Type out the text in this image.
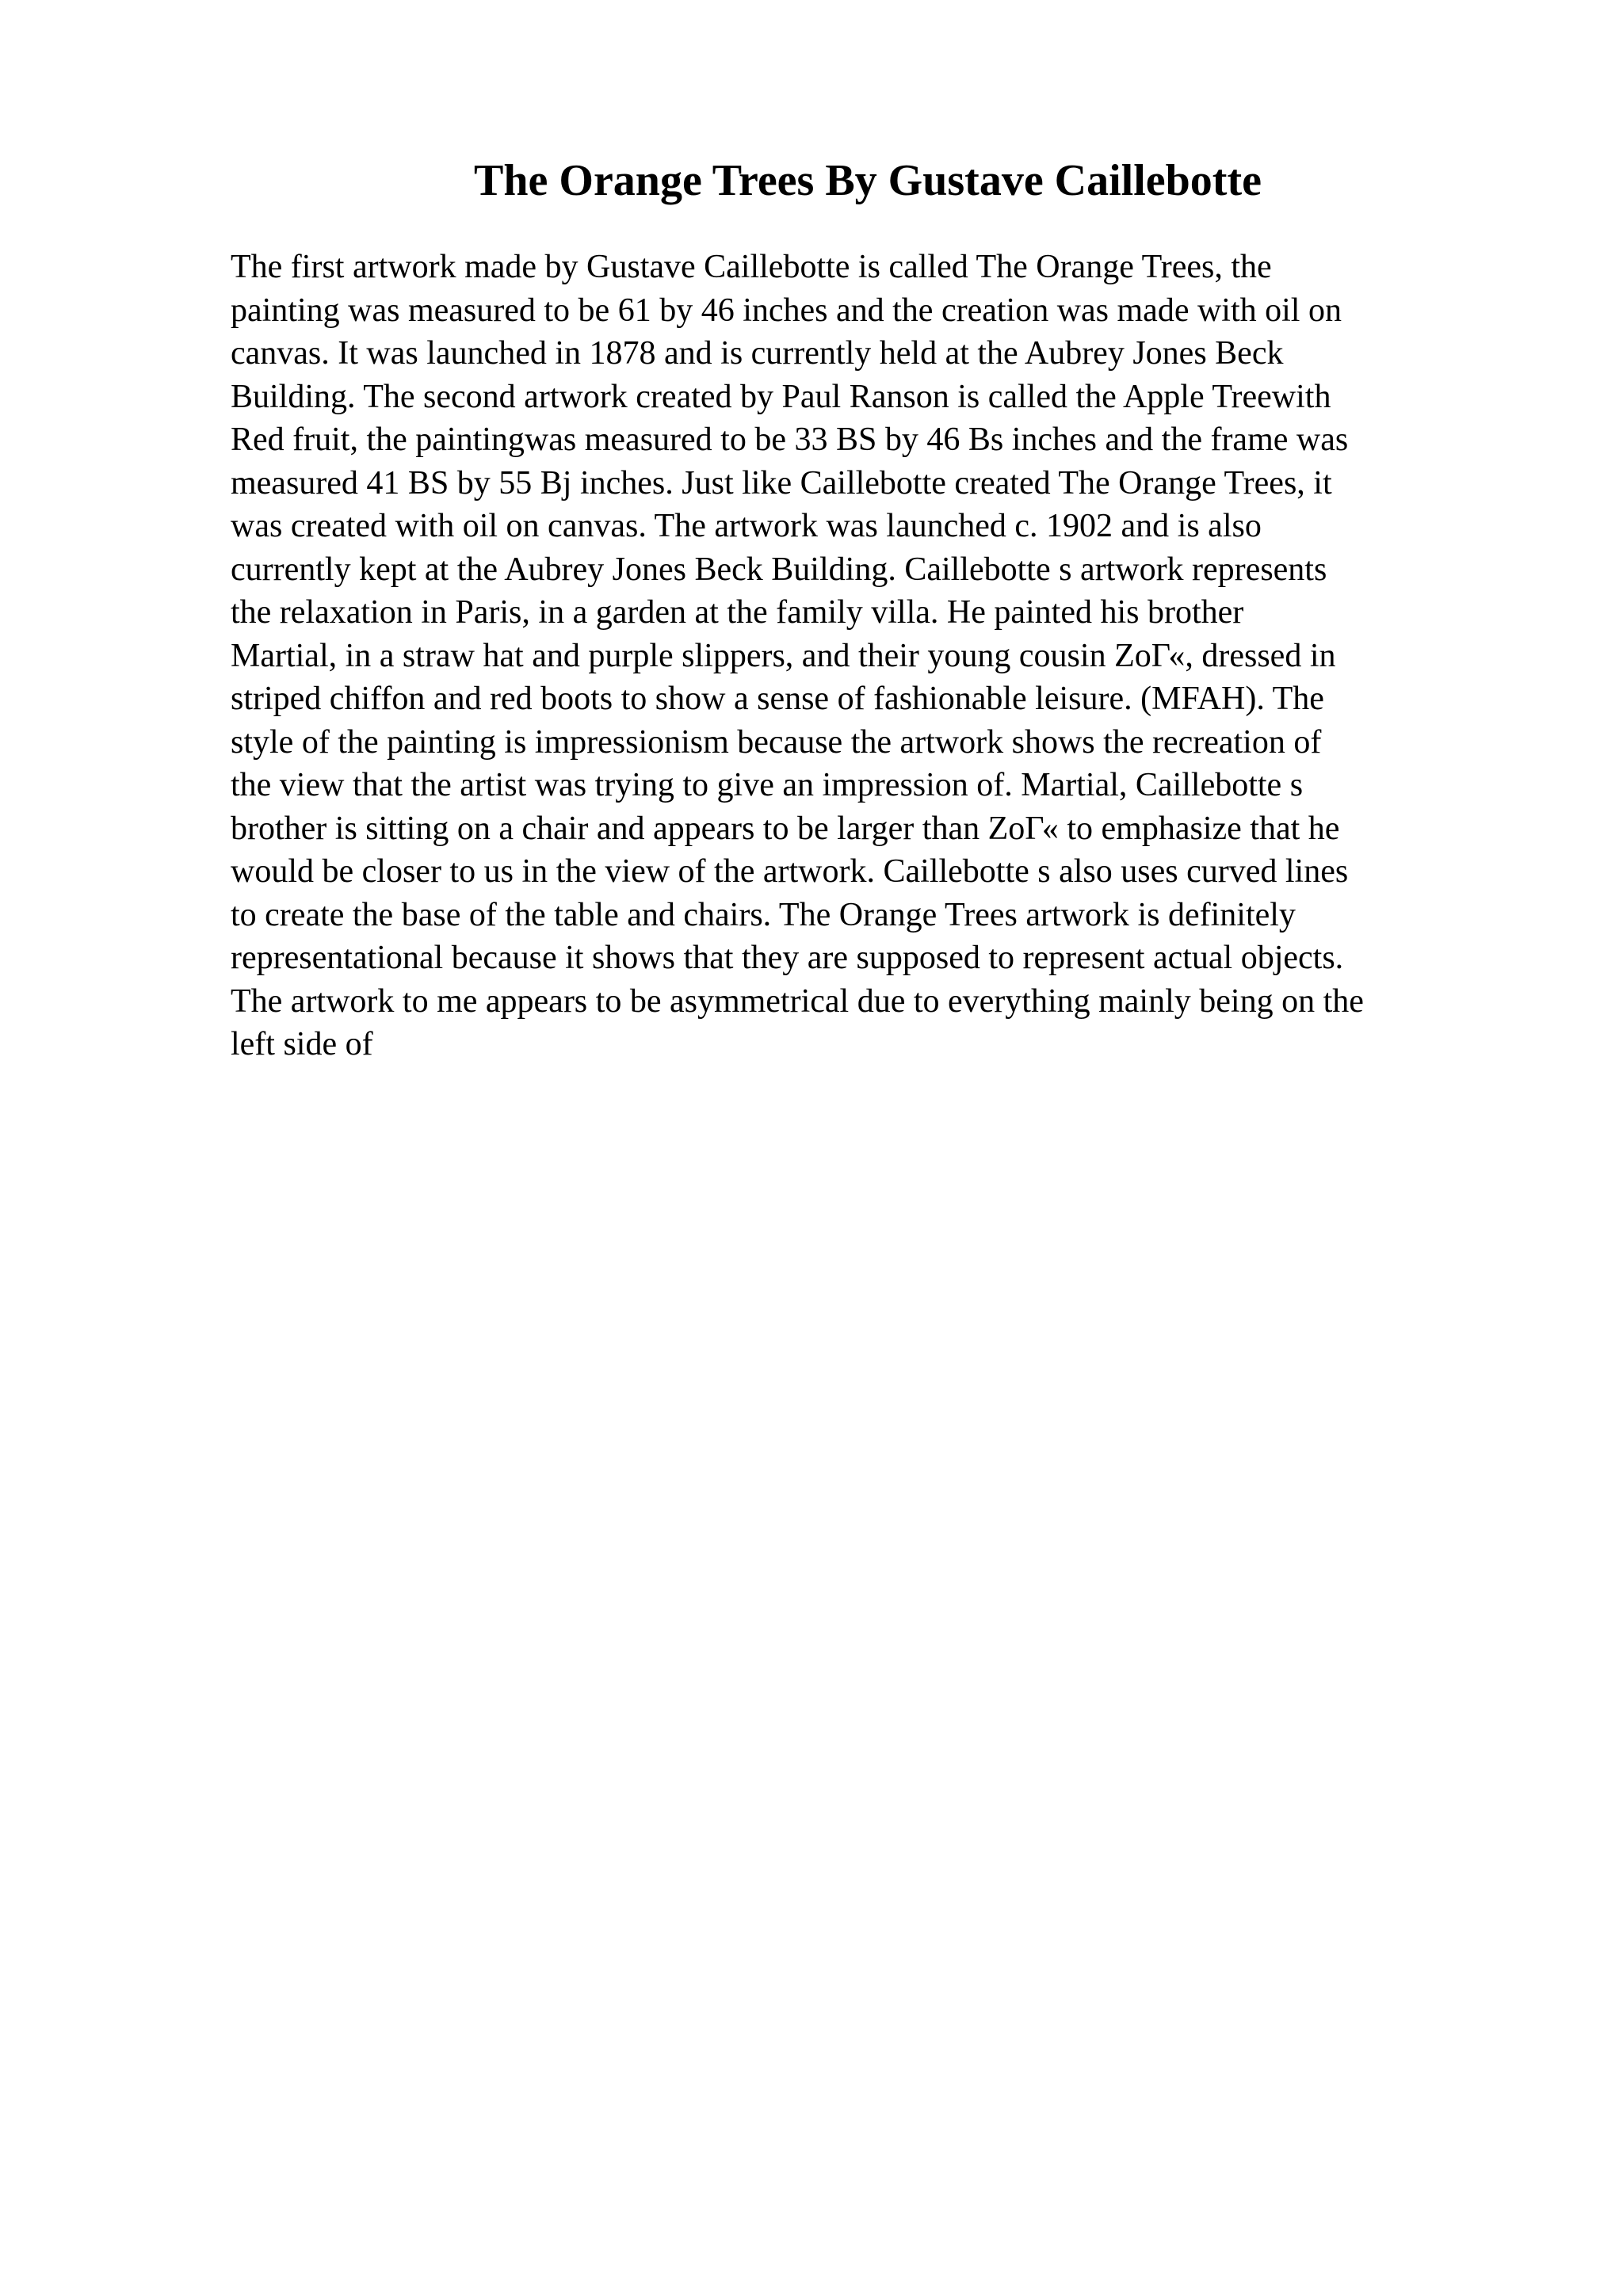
The Orange Trees By Gustave Caillebotte
The first artwork made by Gustave Caillebotte is called The Orange Trees, the
painting was measured to be 61 by 46 inches and the creation was made with oil on
canvas. It was launched in 1878 and is currently held at the Aubrey Jones Beck
Building. The second artwork created by Paul Ranson is called the Apple Treewith
Red fruit, the paintingwas measured to be 33 BS by 46 Bs inches and the frame was
measured 41 BS by 55 Bj inches. Just like Caillebotte created The Orange Trees, it
was created with oil on canvas. The artwork was launched c. 1902 and is also
currently kept at the Aubrey Jones Beck Building. Caillebotte s artwork represents
the relaxation in Paris, in a garden at the family villa. He painted his brother
Martial, in a straw hat and purple slippers, and their young cousin ZoГ«, dressed in
striped chiffon and red boots to show a sense of fashionable leisure. (MFAH). The
style of the painting is impressionism because the artwork shows the recreation of
the view that the artist was trying to give an impression of. Martial, Caillebotte s
brother is sitting on a chair and appears to be larger than ZoГ« to emphasize that he
would be closer to us in the view of the artwork. Caillebotte s also uses curved lines
to create the base of the table and chairs. The Orange Trees artwork is definitely
representational because it shows that they are supposed to represent actual objects.
The artwork to me appears to be asymmetrical due to everything mainly being on the
left side of
